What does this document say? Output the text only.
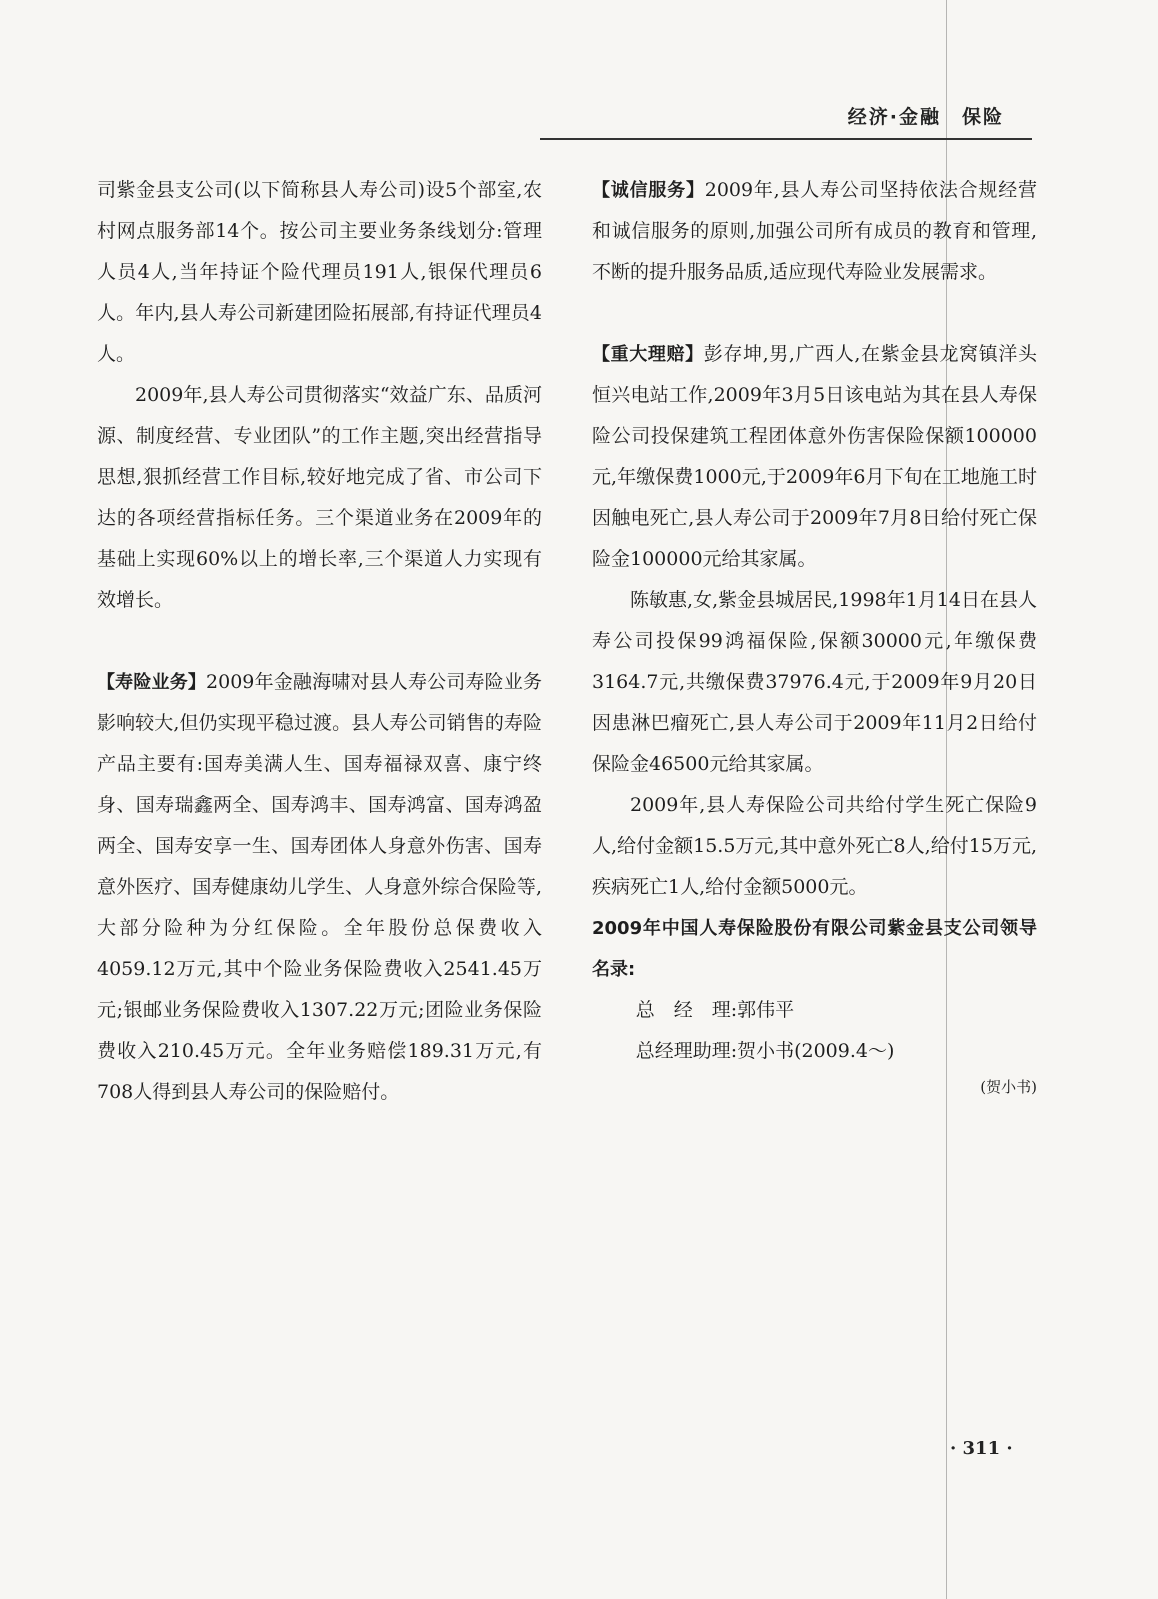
经济·金融　保险

司紫金县支公司(以下简称县人寿公司)设5个部室,农村网点服务部14个。按公司主要业务条线划分:管理人员4人,当年持证个险代理员191人,银保代理员6人。年内,县人寿公司新建团险拓展部,有持证代理员4人。

2009年,县人寿公司贯彻落实“效益广东、品质河源、制度经营、专业团队”的工作主题,突出经营指导思想,狠抓经营工作目标,较好地完成了省、市公司下达的各项经营指标任务。三个渠道业务在2009年的基础上实现60%以上的增长率,三个渠道人力实现有效增长。

【寿险业务】2009年金融海啸对县人寿公司寿险业务影响较大,但仍实现平稳过渡。县人寿公司销售的寿险产品主要有:国寿美满人生、国寿福禄双喜、康宁终身、国寿瑞鑫两全、国寿鸿丰、国寿鸿富、国寿鸿盈两全、国寿安享一生、国寿团体人身意外伤害、国寿意外医疗、国寿健康幼儿学生、人身意外综合保险等,大部分险种为分红保险。全年股份总保费收入4059.12万元,其中个险业务保险费收入2541.45万元;银邮业务保险费收入1307.22万元;团险业务保险费收入210.45万元。全年业务赔偿189.31万元,有708人得到县人寿公司的保险赔付。

【诚信服务】2009年,县人寿公司坚持依法合规经营和诚信服务的原则,加强公司所有成员的教育和管理,不断的提升服务品质,适应现代寿险业发展需求。

【重大理赔】彭存坤,男,广西人,在紫金县龙窝镇洋头恒兴电站工作,2009年3月5日该电站为其在县人寿保险公司投保建筑工程团体意外伤害保险保额100000元,年缴保费1000元,于2009年6月下旬在工地施工时因触电死亡,县人寿公司于2009年7月8日给付死亡保险金100000元给其家属。

陈敏惠,女,紫金县城居民,1998年1月14日在县人寿公司投保99鸿福保险,保额30000元,年缴保费3164.7元,共缴保费37976.4元,于2009年9月20日因患淋巴瘤死亡,县人寿公司于2009年11月2日给付保险金46500元给其家属。

2009年,县人寿保险公司共给付学生死亡保险9人,给付金额15.5万元,其中意外死亡8人,给付15万元,疾病死亡1人,给付金额5000元。

2009年中国人寿保险股份有限公司紫金县支公司领导名录:

总　经　理:郭伟平

总经理助理:贺小书(2009.4～)

(贺小书)

· 311 ·
